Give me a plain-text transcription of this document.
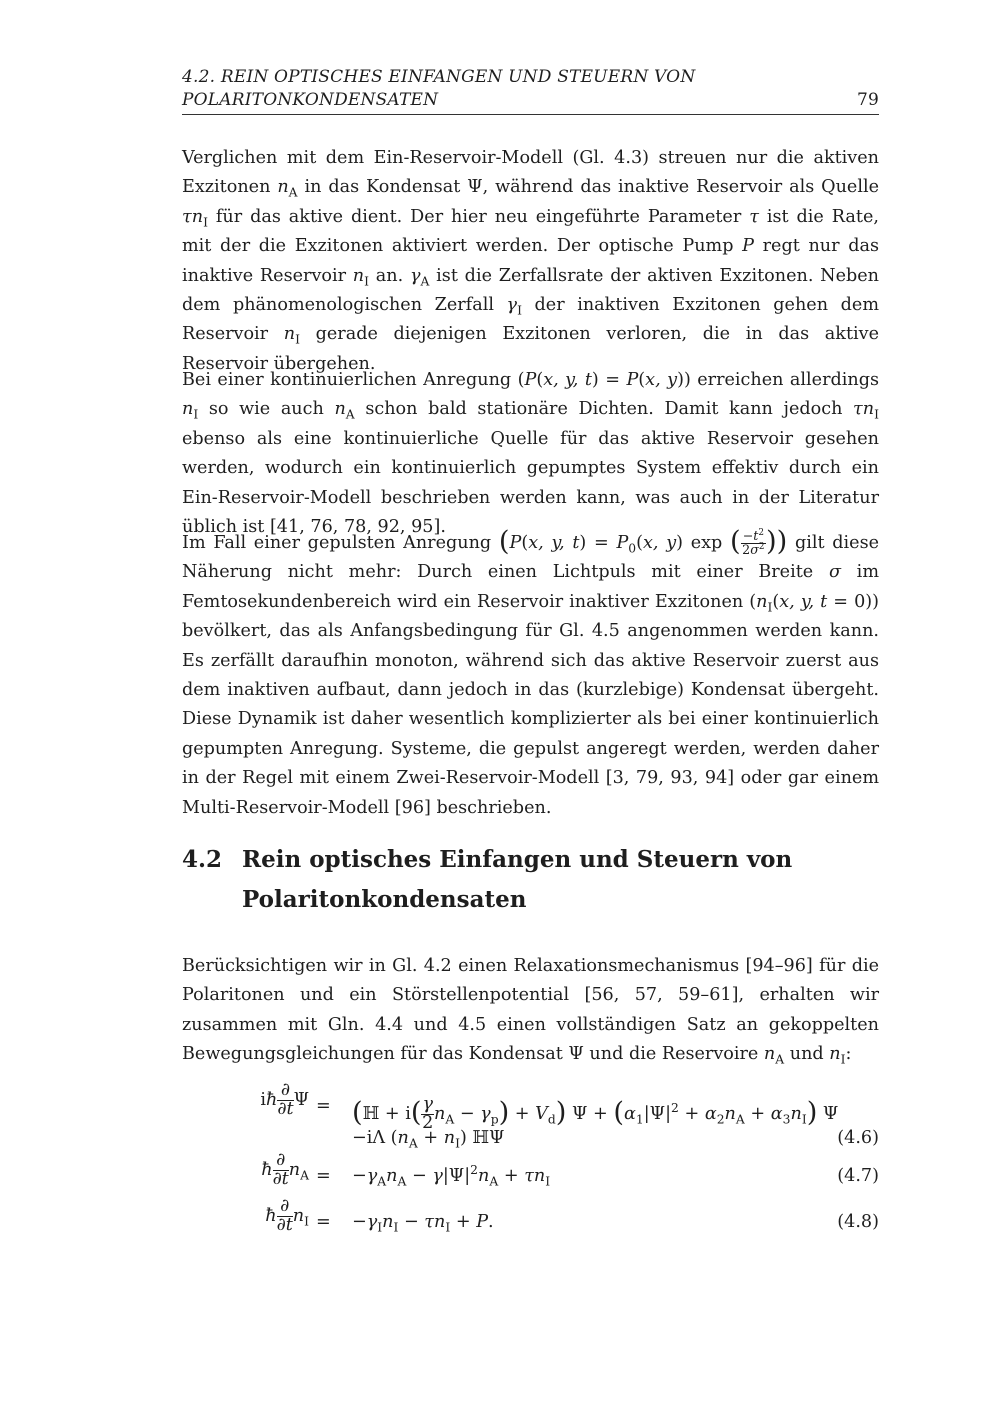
4.2. REIN OPTISCHES EINFANGEN UND STEUERN VON
POLARITONKONDENSATEN	79

Verglichen mit dem Ein-Reservoir-Modell (Gl. 4.3) streuen nur die aktiven Exzitonen $n_A$ in das Kondensat Ψ, während das inaktive Reservoir als Quelle $\tau n_I$ für das aktive dient. Der hier neu eingeführte Parameter τ ist die Rate, mit der die Exzitonen aktiviert werden. Der optische Pump P regt nur das inaktive Reservoir $n_I$ an. $\gamma_A$ ist die Zerfallsrate der aktiven Exzitonen. Neben dem phänomenologischen Zerfall $\gamma_I$ der inaktiven Exzitonen gehen dem Reservoir $n_I$ gerade diejenigen Exzitonen verloren, die in das aktive Reservoir übergehen.

Bei einer kontinuierlichen Anregung (P(x, y, t) = P(x, y)) erreichen allerdings $n_I$ so wie auch $n_A$ schon bald stationäre Dichten. Damit kann jedoch $\tau n_I$ ebenso als eine kontinuierliche Quelle für das aktive Reservoir gesehen werden, wodurch ein kontinuierlich gepumptes System effektiv durch ein Ein-Reservoir-Modell beschrieben werden kann, was auch in der Literatur üblich ist [41, 76, 78, 92, 95].

Im Fall einer gepulsten Anregung (P(x, y, $t) = P_0(x$, y) exp ( $\frac{-t^2}{2\sigma^2}$ )) gilt diese Näherung nicht mehr: Durch einen Lichtpuls mit einer Breite σ im Femtosekundenbereich wird ein Reservoir inaktiver Exzitonen ($n_I(x$, y, t = 0)) bevölkert, das als Anfangsbedingung für Gl. 4.5 angenommen werden kann. Es zerfällt daraufhin monoton, während sich das aktive Reservoir zuerst aus dem inaktiven aufbaut, dann jedoch in das (kurzlebige) Kondensat übergeht. Diese Dynamik ist daher wesentlich komplizierter als bei einer kontinuierlich gepumpten Anregung. Systeme, die gepulst angeregt werden, werden daher in der Regel mit einem Zwei-Reservoir-Modell [3, 79, 93, 94] oder gar einem Multi-Reservoir-Modell [96] beschrieben.

4.2 Rein optisches Einfangen und Steuern von Polaritonkondensaten

Berücksichtigen wir in Gl. 4.2 einen Relaxationsmechanismus [94–96] für die Polaritonen und ein Störstellenpotential [56, 57, 59–61], erhalten wir zusammen mit Gln. 4.4 und 4.5 einen vollständigen Satz an gekoppelten Bewegungsgleichungen für das Kondensat Ψ und die Reservoire $n_A$ und $n_I$:

iħ $\frac{\partial}{\partial t}$ Ψ = (ℍ + $i( \frac{\gamma}{2} n_A - \gamma_p) + V_d$) $\Psi + (\alpha_1|\Psi|^2 + \alpha_2n_A + \alpha_3n_I)$ Ψ
−iΛ $(n_A + n_I)$ ℍΨ	(4.6)
ħ $\frac{\partial}{\partial t} n_A = -\gamma_An_A - \gamma|\Psi|^2n_A + \tau n_I$	(4.7)
ħ $\frac{\partial}{\partial t} n_I = -\gamma_In_I - \tau n_I + P$.	(4.8)
